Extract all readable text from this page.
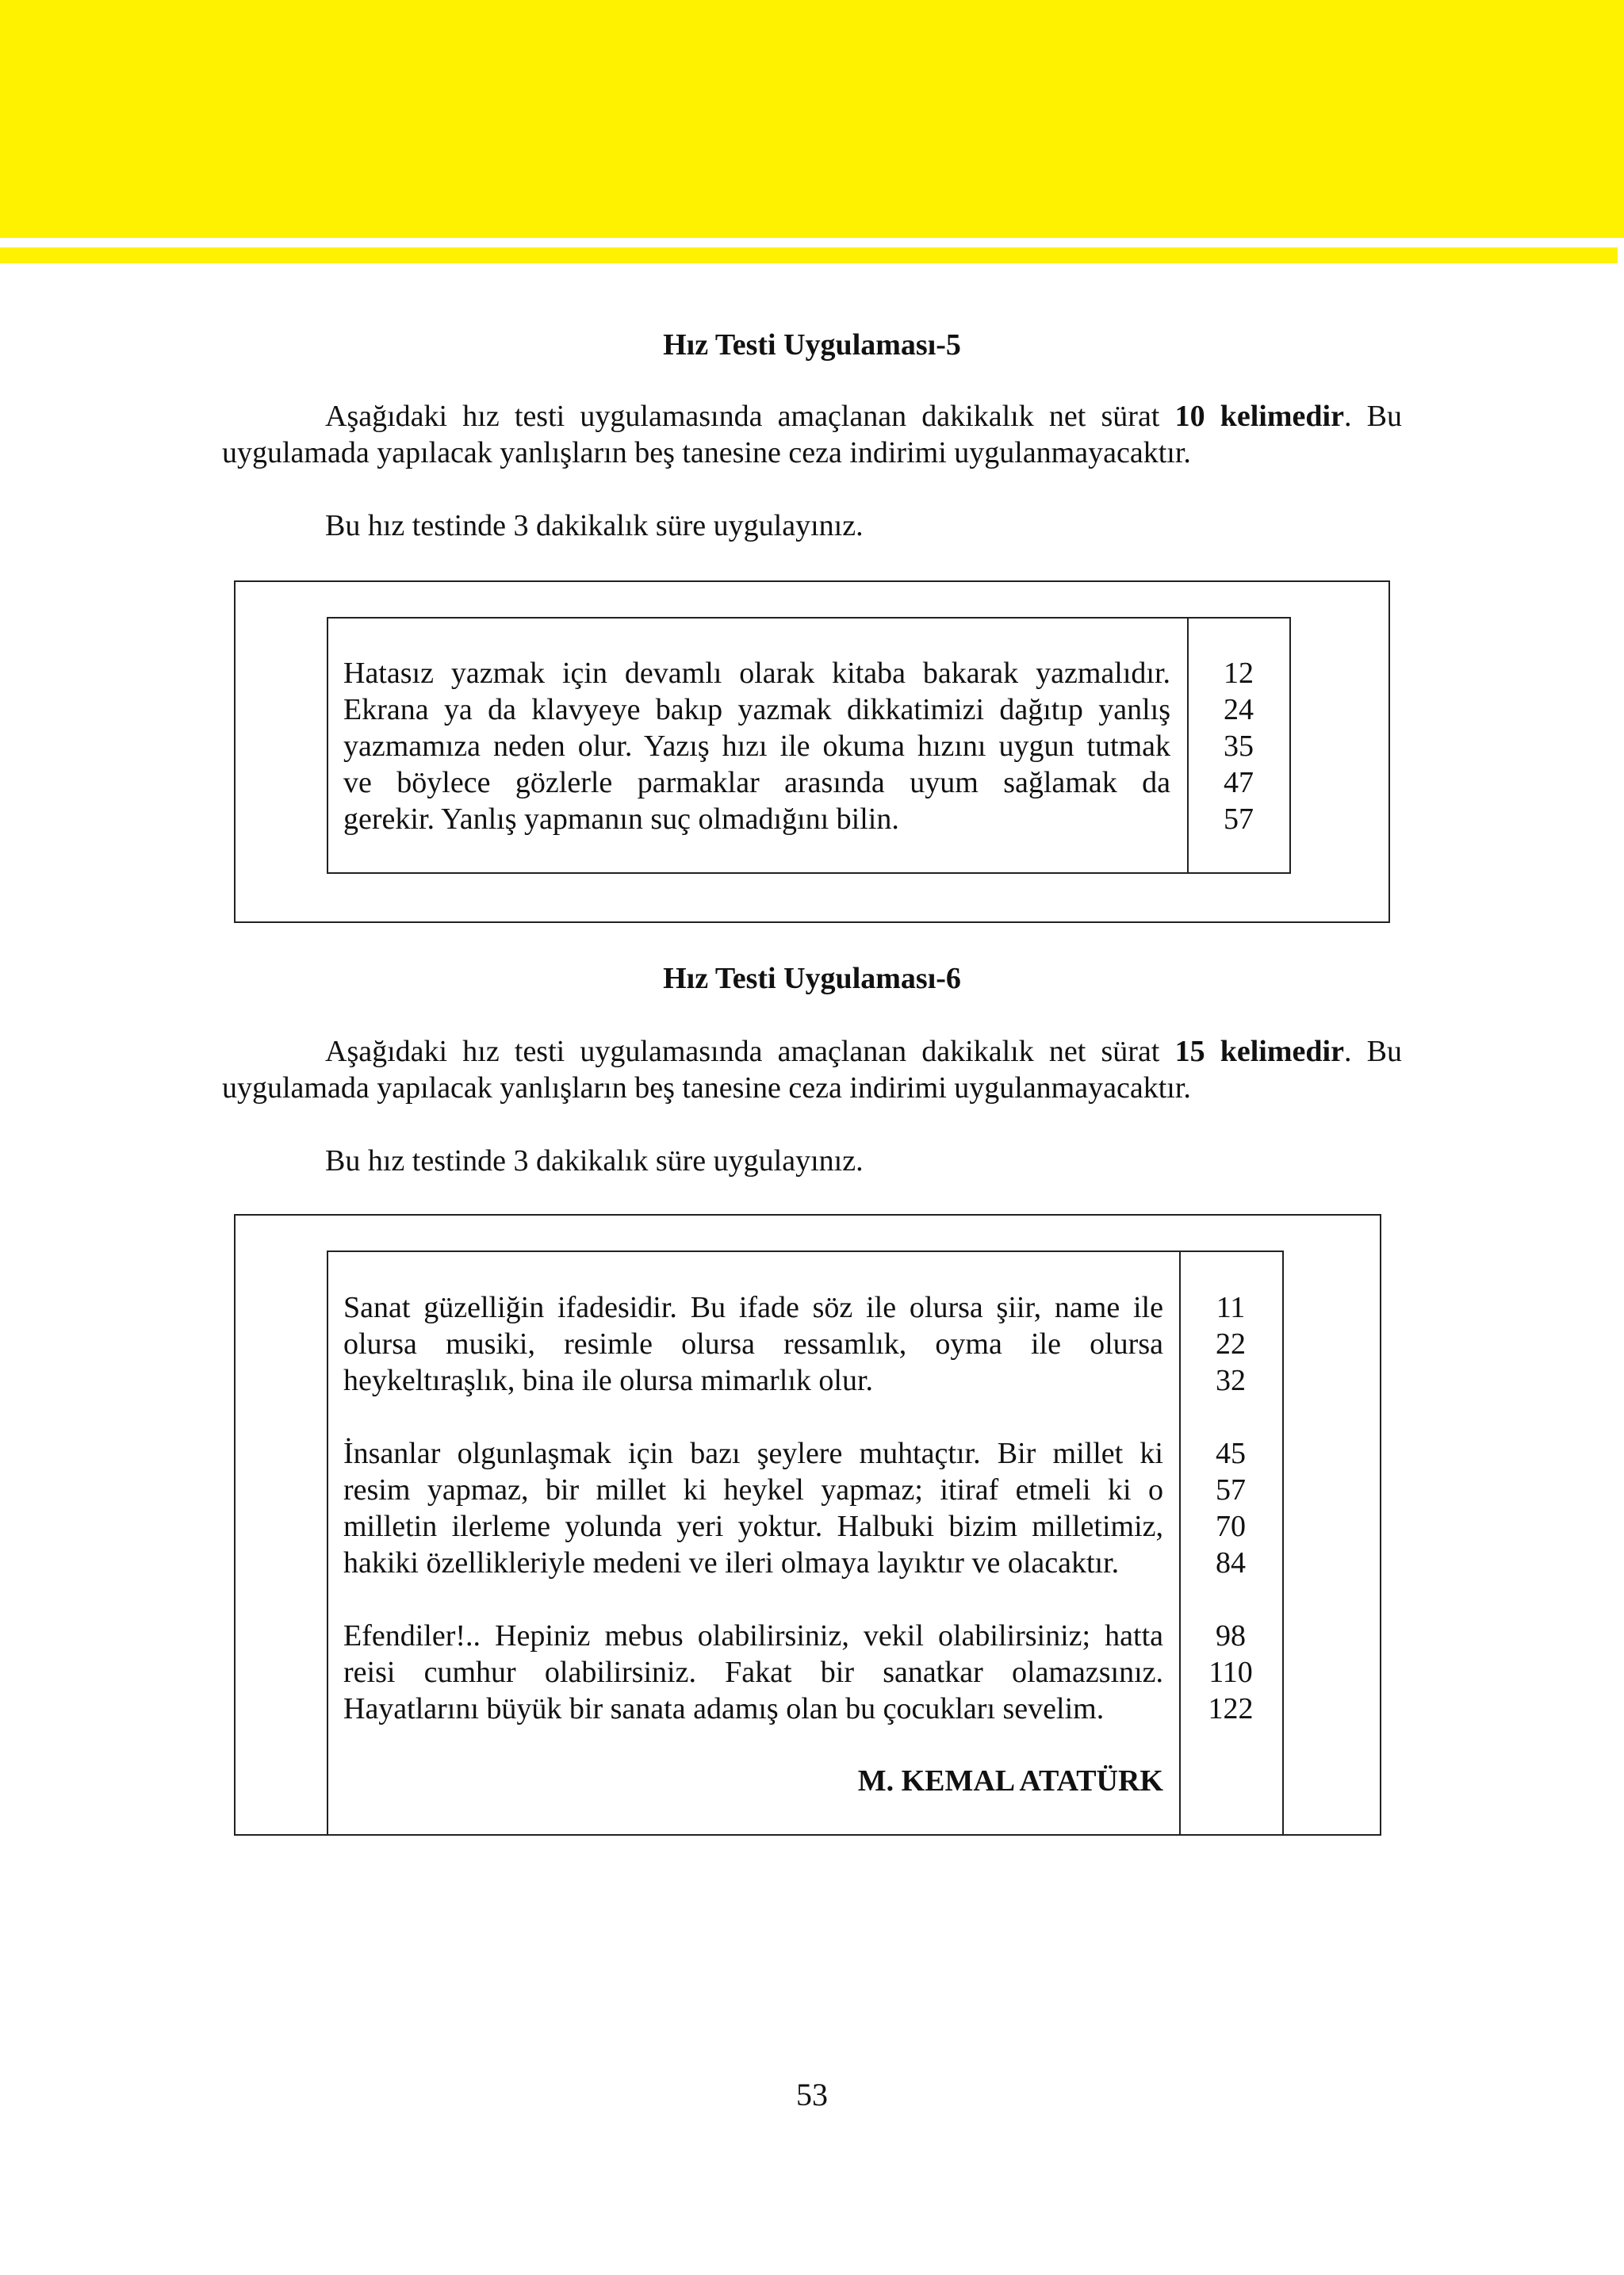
Hız Testi Uygulaması-5
Aşağıdaki hız testi uygulamasında amaçlanan dakikalık net sürat 10 kelimedir. Bu uygulamada yapılacak yanlışların beş tanesine ceza indirimi uygulanmayacaktır.
Bu hız testinde 3 dakikalık süre uygulayınız.
Hatasız yazmak için devamlı olarak kitaba bakarak yazmalıdır.
Ekrana ya da klavyeye bakıp yazmak dikkatimizi dağıtıp yanlış
yazmamıza neden olur. Yazış hızı ile okuma hızını uygun tutmak
ve böylece gözlerle parmaklar arasında uyum sağlamak da
gerekir. Yanlış yapmanın suç olmadığını bilin.
12
24
35
47
57
Hız Testi Uygulaması-6
Aşağıdaki hız testi uygulamasında amaçlanan dakikalık net sürat 15 kelimedir. Bu uygulamada yapılacak yanlışların beş tanesine ceza indirimi uygulanmayacaktır.
Bu hız testinde 3 dakikalık süre uygulayınız.
Sanat güzelliğin ifadesidir. Bu ifade söz ile olursa şiir, name ile
olursa musiki, resimle olursa ressamlık, oyma ile olursa
heykeltıraşlık, bina ile olursa mimarlık olur.
İnsanlar olgunlaşmak için bazı şeylere muhtaçtır. Bir millet ki
resim yapmaz, bir millet ki heykel yapmaz; itiraf etmeli ki o
milletin ilerleme yolunda yeri yoktur. Halbuki bizim milletimiz,
hakiki özellikleriyle medeni ve ileri olmaya layıktır ve olacaktır.
Efendiler!.. Hepiniz mebus olabilirsiniz, vekil olabilirsiniz; hatta
reisi cumhur olabilirsiniz. Fakat bir sanatkar olamazsınız.
Hayatlarını büyük bir sanata adamış olan bu çocukları sevelim.
M. KEMAL ATATÜRK
11
22
32
45
57
70
84
98
110
122
53
